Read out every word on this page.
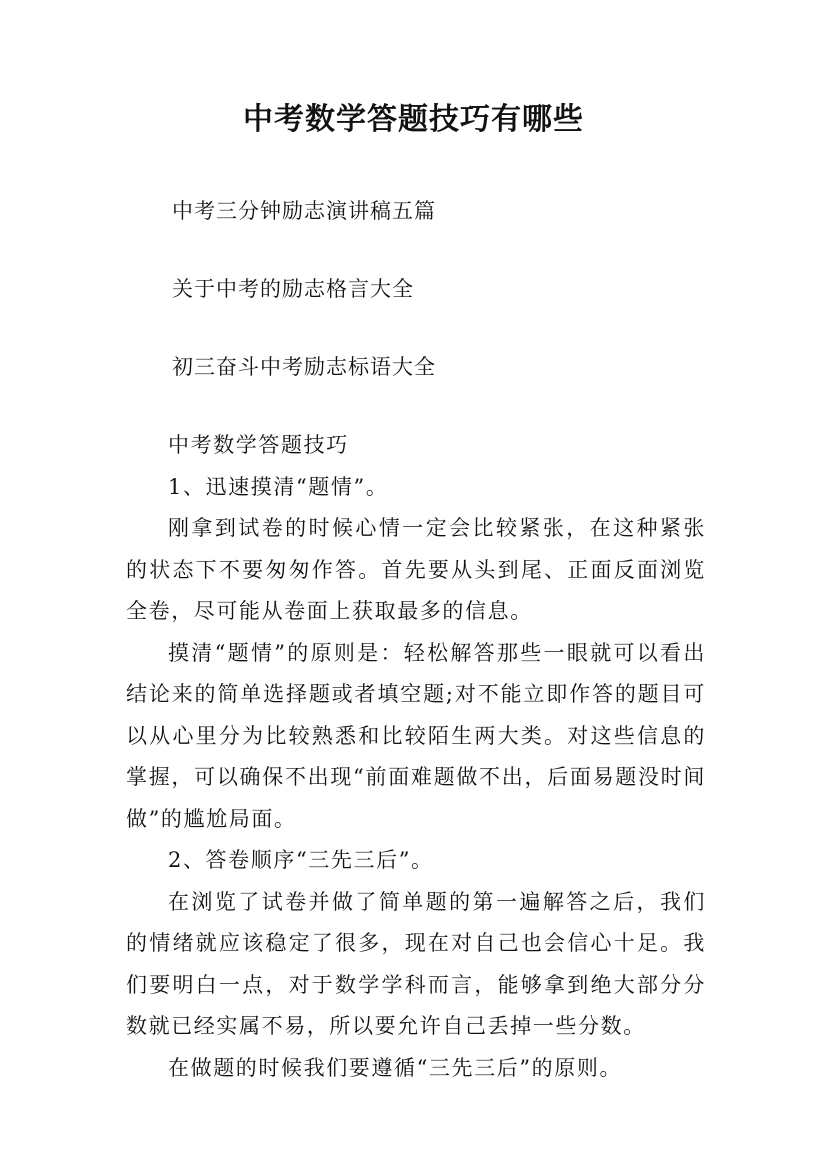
中考数学答题技巧有哪些
中考三分钟励志演讲稿五篇
关于中考的励志格言大全
初三奋斗中考励志标语大全

中考数学答题技巧

1、迅速摸清“题情”。

刚拿到试卷的时候心情一定会比较紧张，在这种紧张的状态下不要匆匆作答。首先要从头到尾、正面反面浏览全卷，尽可能从卷面上获取最多的信息。

摸清“题情”的原则是：轻松解答那些一眼就可以看出结论来的简单选择题或者填空题;对不能立即作答的题目可以从心里分为比较熟悉和比较陌生两大类。对这些信息的掌握，可以确保不出现“前面难题做不出，后面易题没时间做”的尴尬局面。

2、答卷顺序“三先三后”。

在浏览了试卷并做了简单题的第一遍解答之后，我们的情绪就应该稳定了很多，现在对自己也会信心十足。我们要明白一点，对于数学学科而言，能够拿到绝大部分分数就已经实属不易，所以要允许自己丢掉一些分数。

在做题的时候我们要遵循“三先三后”的原则。
